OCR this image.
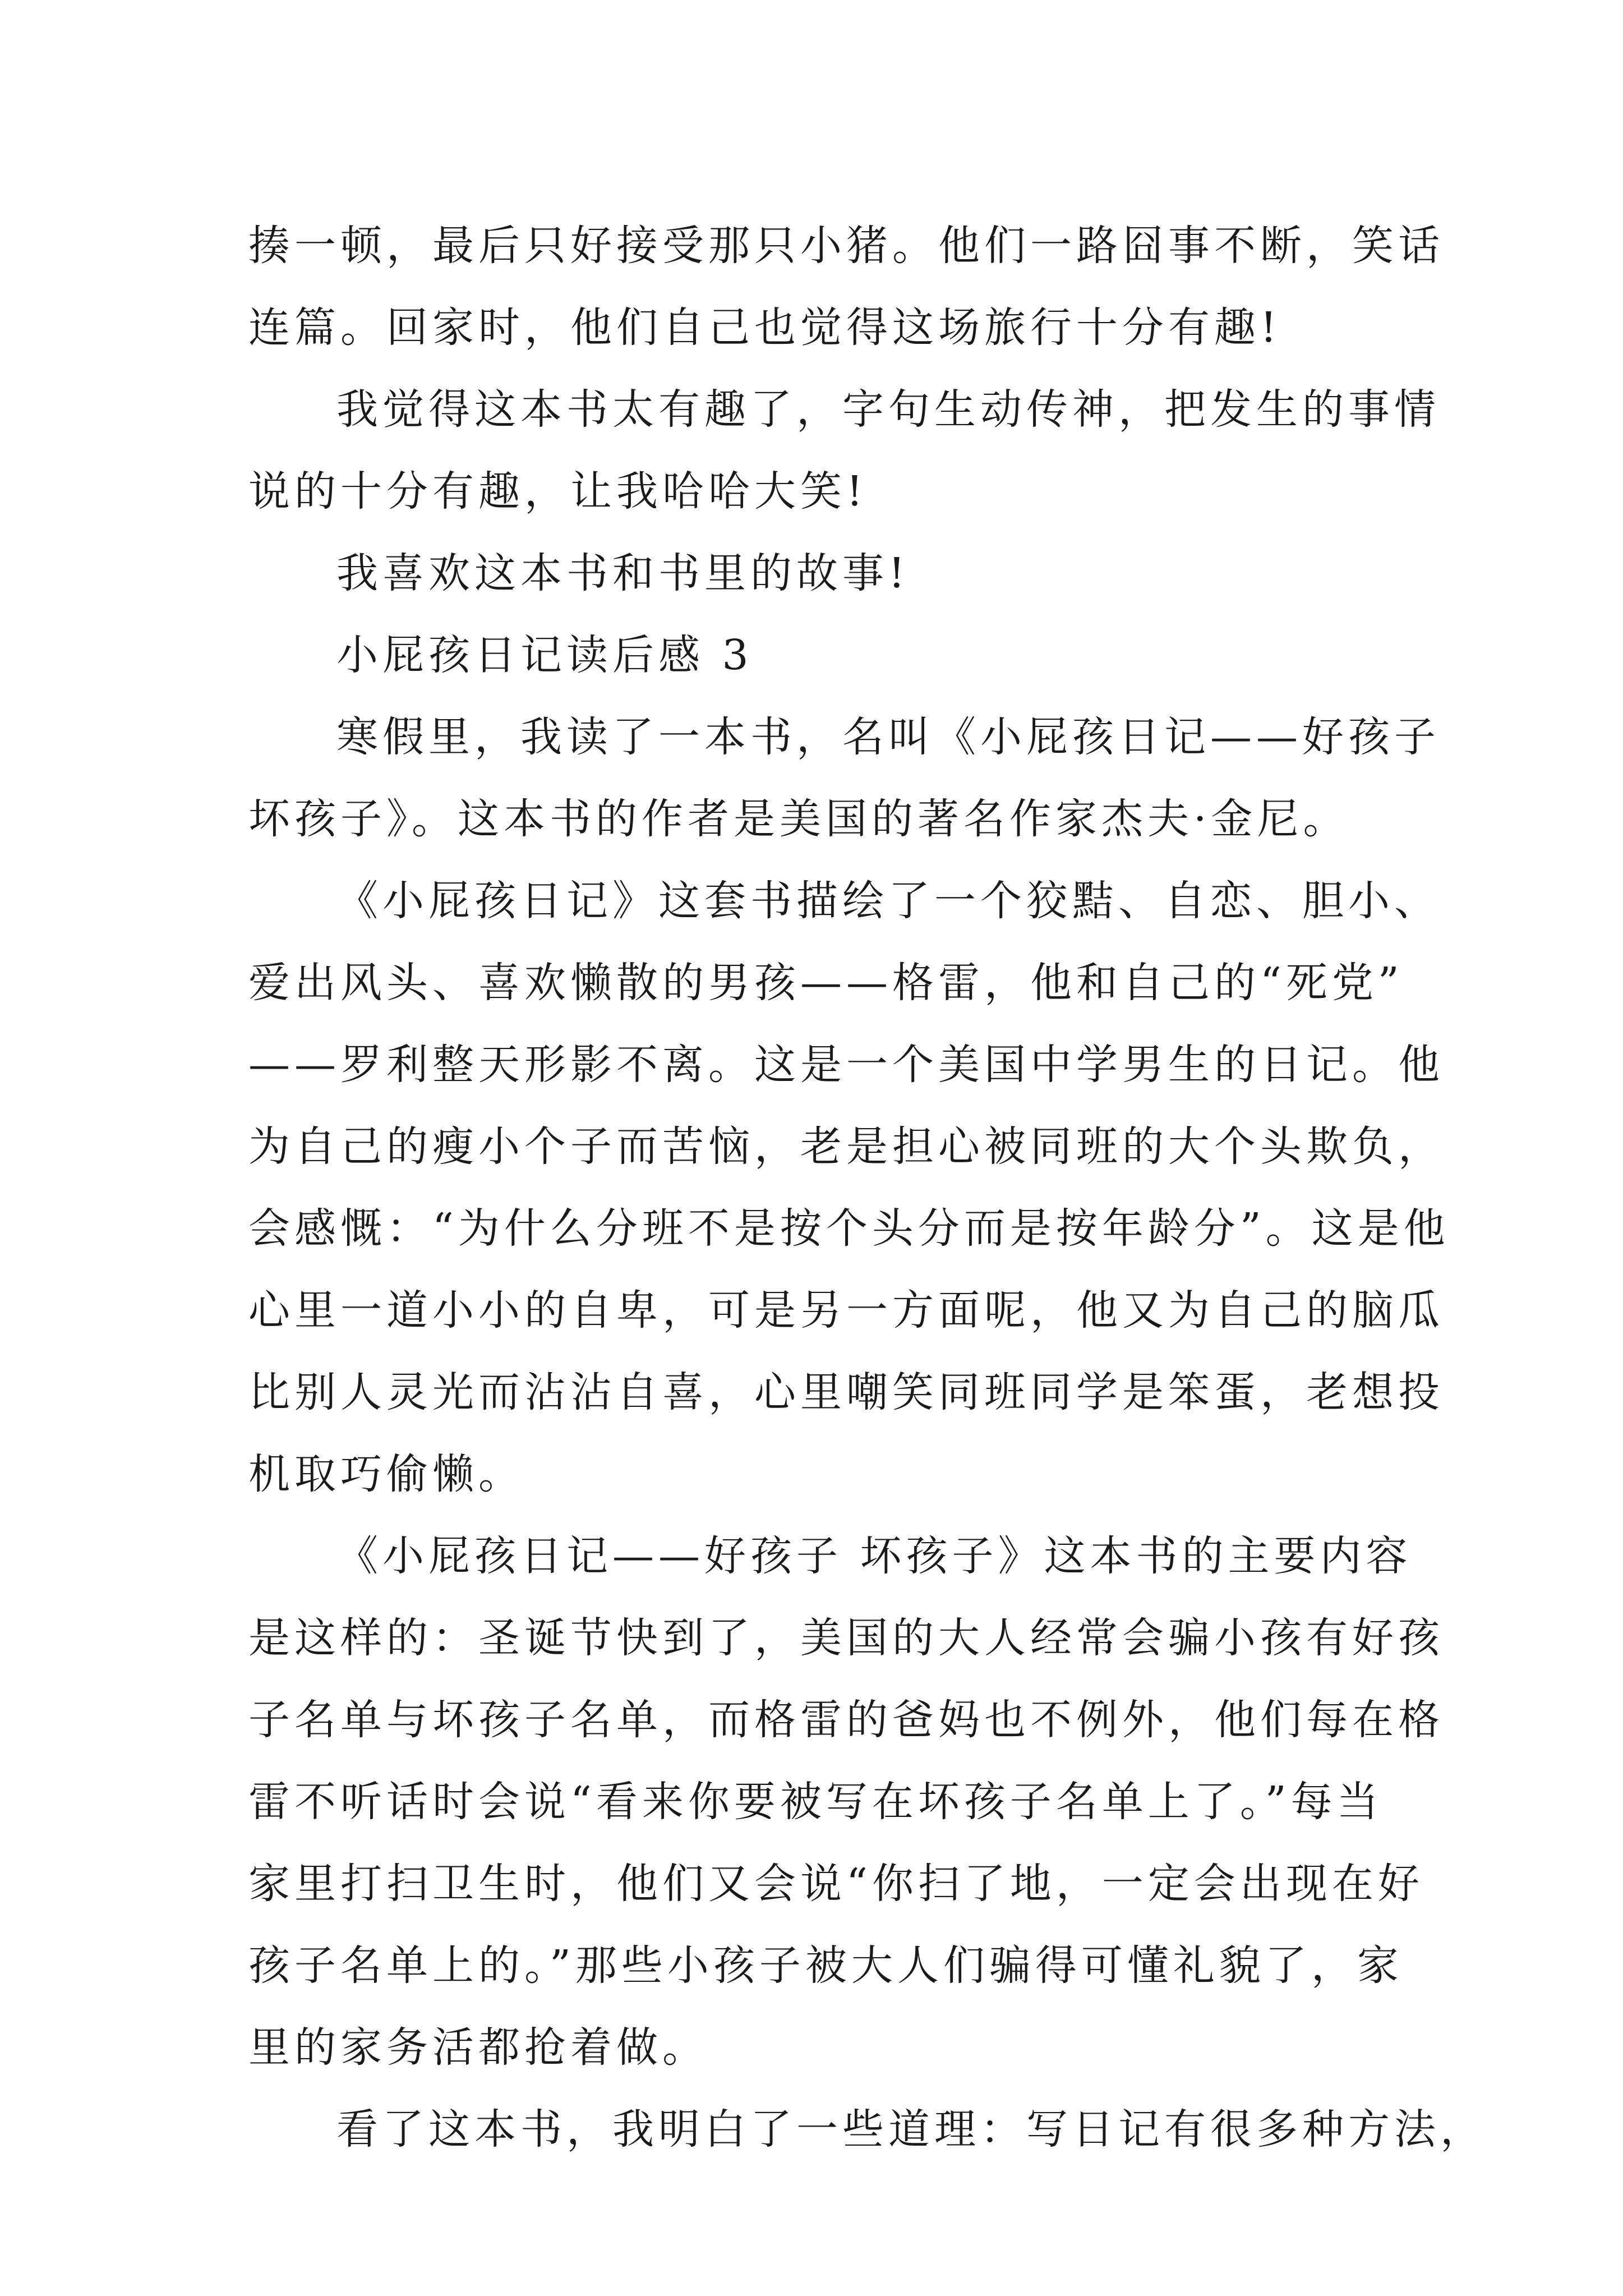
揍一顿，最后只好接受那只小猪。他们一路囧事不断，笑话
连篇。回家时，他们自己也觉得这场旅行十分有趣!
我觉得这本书太有趣了，字句生动传神，把发生的事情
说的十分有趣，让我哈哈大笑!
我喜欢这本书和书里的故事!
小屁孩日记读后感 3
寒假里，我读了一本书，名叫《小屁孩日记——好孩子
坏孩子》。这本书的作者是美国的著名作家杰夫·金尼。
《小屁孩日记》这套书描绘了一个狡黠、自恋、胆小、
爱出风头、喜欢懒散的男孩——格雷，他和自己的“死党”
——罗利整天形影不离。这是一个美国中学男生的日记。他
为自己的瘦小个子而苦恼，老是担心被同班的大个头欺负，
会感慨：“为什么分班不是按个头分而是按年龄分”。这是他
心里一道小小的自卑，可是另一方面呢，他又为自己的脑瓜
比别人灵光而沾沾自喜，心里嘲笑同班同学是笨蛋，老想投
机取巧偷懒。
《小屁孩日记——好孩子 坏孩子》这本书的主要内容
是这样的：圣诞节快到了，美国的大人经常会骗小孩有好孩
子名单与坏孩子名单，而格雷的爸妈也不例外，他们每在格
雷不听话时会说“看来你要被写在坏孩子名单上了。”每当
家里打扫卫生时，他们又会说“你扫了地，一定会出现在好
孩子名单上的。”那些小孩子被大人们骗得可懂礼貌了，家
里的家务活都抢着做。
看了这本书，我明白了一些道理：写日记有很多种方法，
